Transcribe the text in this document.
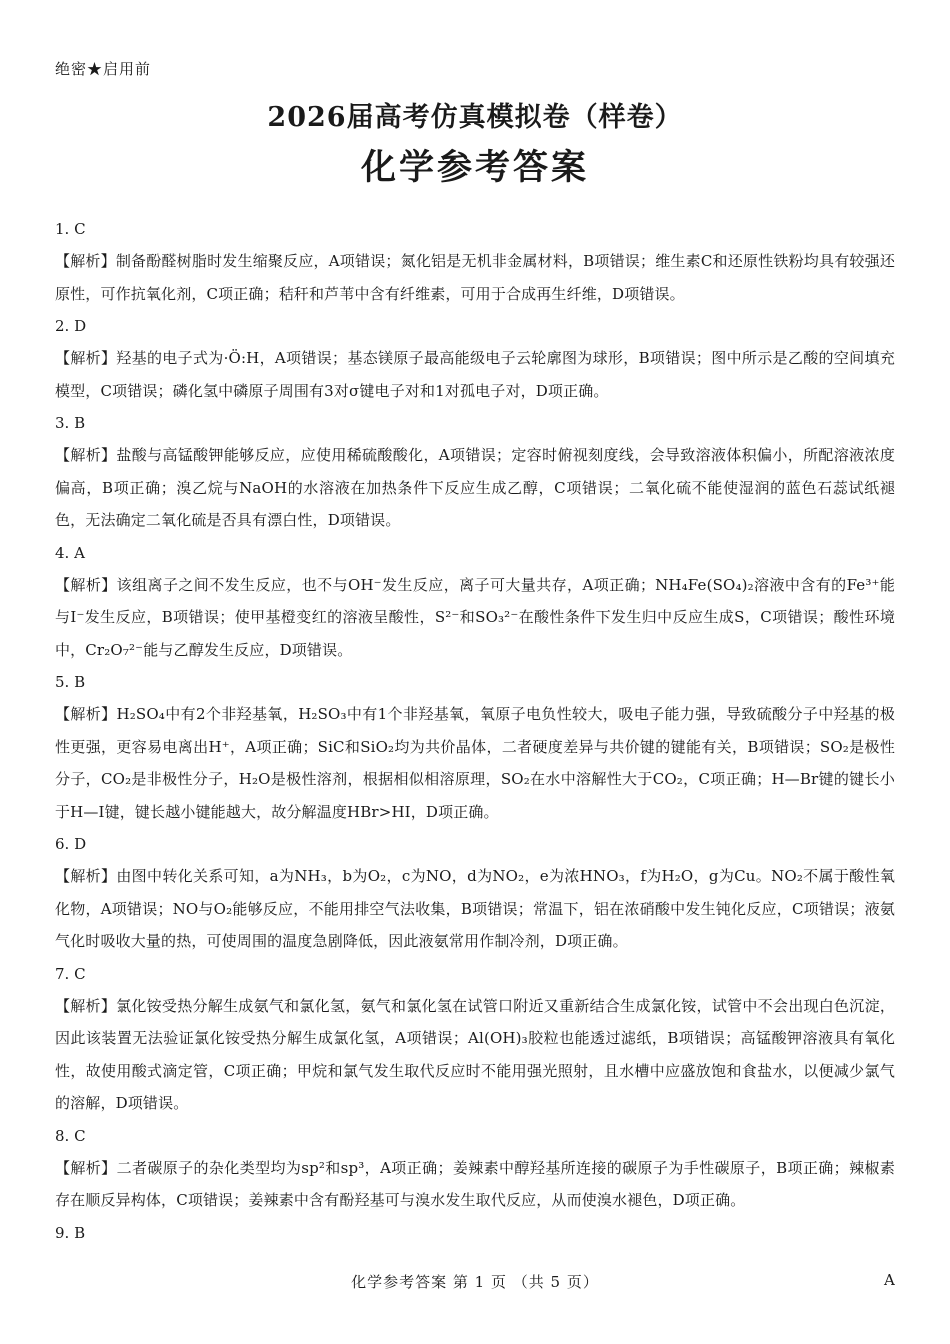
绝密★启用前
2026届高考仿真模拟卷（样卷）
化学参考答案
1. C
【解析】制备酚醛树脂时发生缩聚反应，A项错误；氮化铝是无机非金属材料，B项错误；维生素C和还原性铁粉均具有较强还原性，可作抗氧化剂，C项正确；秸秆和芦苇中含有纤维素，可用于合成再生纤维，D项错误。
2. D
【解析】羟基的电子式为·Ö:H，A项错误；基态镁原子最高能级电子云轮廓图为球形，B项错误；图中所示是乙酸的空间填充模型，C项错误；磷化氢中磷原子周围有3对σ键电子对和1对孤电子对，D项正确。
3. B
【解析】盐酸与高锰酸钾能够反应，应使用稀硫酸酸化，A项错误；定容时俯视刻度线，会导致溶液体积偏小，所配溶液浓度偏高，B项正确；溴乙烷与NaOH的水溶液在加热条件下反应生成乙醇，C项错误；二氧化硫不能使湿润的蓝色石蕊试纸褪色，无法确定二氧化硫是否具有漂白性，D项错误。
4. A
【解析】该组离子之间不发生反应，也不与OH⁻发生反应，离子可大量共存，A项正确；NH₄Fe(SO₄)₂溶液中含有的Fe³⁺能与I⁻发生反应，B项错误；使甲基橙变红的溶液呈酸性，S²⁻和SO₃²⁻在酸性条件下发生归中反应生成S，C项错误；酸性环境中，Cr₂O₇²⁻能与乙醇发生反应，D项错误。
5. B
【解析】H₂SO₄中有2个非羟基氧，H₂SO₃中有1个非羟基氧，氧原子电负性较大，吸电子能力强，导致硫酸分子中羟基的极性更强，更容易电离出H⁺，A项正确；SiC和SiO₂均为共价晶体，二者硬度差异与共价键的键能有关，B项错误；SO₂是极性分子，CO₂是非极性分子，H₂O是极性溶剂，根据相似相溶原理，SO₂在水中溶解性大于CO₂，C项正确；H—Br键的键长小于H—I键，键长越小键能越大，故分解温度HBr>HI，D项正确。
6. D
【解析】由图中转化关系可知，a为NH₃，b为O₂，c为NO，d为NO₂，e为浓HNO₃，f为H₂O，g为Cu。NO₂不属于酸性氧化物，A项错误；NO与O₂能够反应，不能用排空气法收集，B项错误；常温下，铝在浓硝酸中发生钝化反应，C项错误；液氨气化时吸收大量的热，可使周围的温度急剧降低，因此液氨常用作制冷剂，D项正确。
7. C
【解析】氯化铵受热分解生成氨气和氯化氢，氨气和氯化氢在试管口附近又重新结合生成氯化铵，试管中不会出现白色沉淀，因此该装置无法验证氯化铵受热分解生成氯化氢，A项错误；Al(OH)₃胶粒也能透过滤纸，B项错误；高锰酸钾溶液具有氧化性，故使用酸式滴定管，C项正确；甲烷和氯气发生取代反应时不能用强光照射，且水槽中应盛放饱和食盐水，以便减少氯气的溶解，D项错误。
8. C
【解析】二者碳原子的杂化类型均为sp²和sp³，A项正确；姜辣素中醇羟基所连接的碳原子为手性碳原子，B项正确；辣椒素存在顺反异构体，C项错误；姜辣素中含有酚羟基可与溴水发生取代反应，从而使溴水褪色，D项正确。
9. B
化学参考答案 第 1 页 （共 5 页）	A
